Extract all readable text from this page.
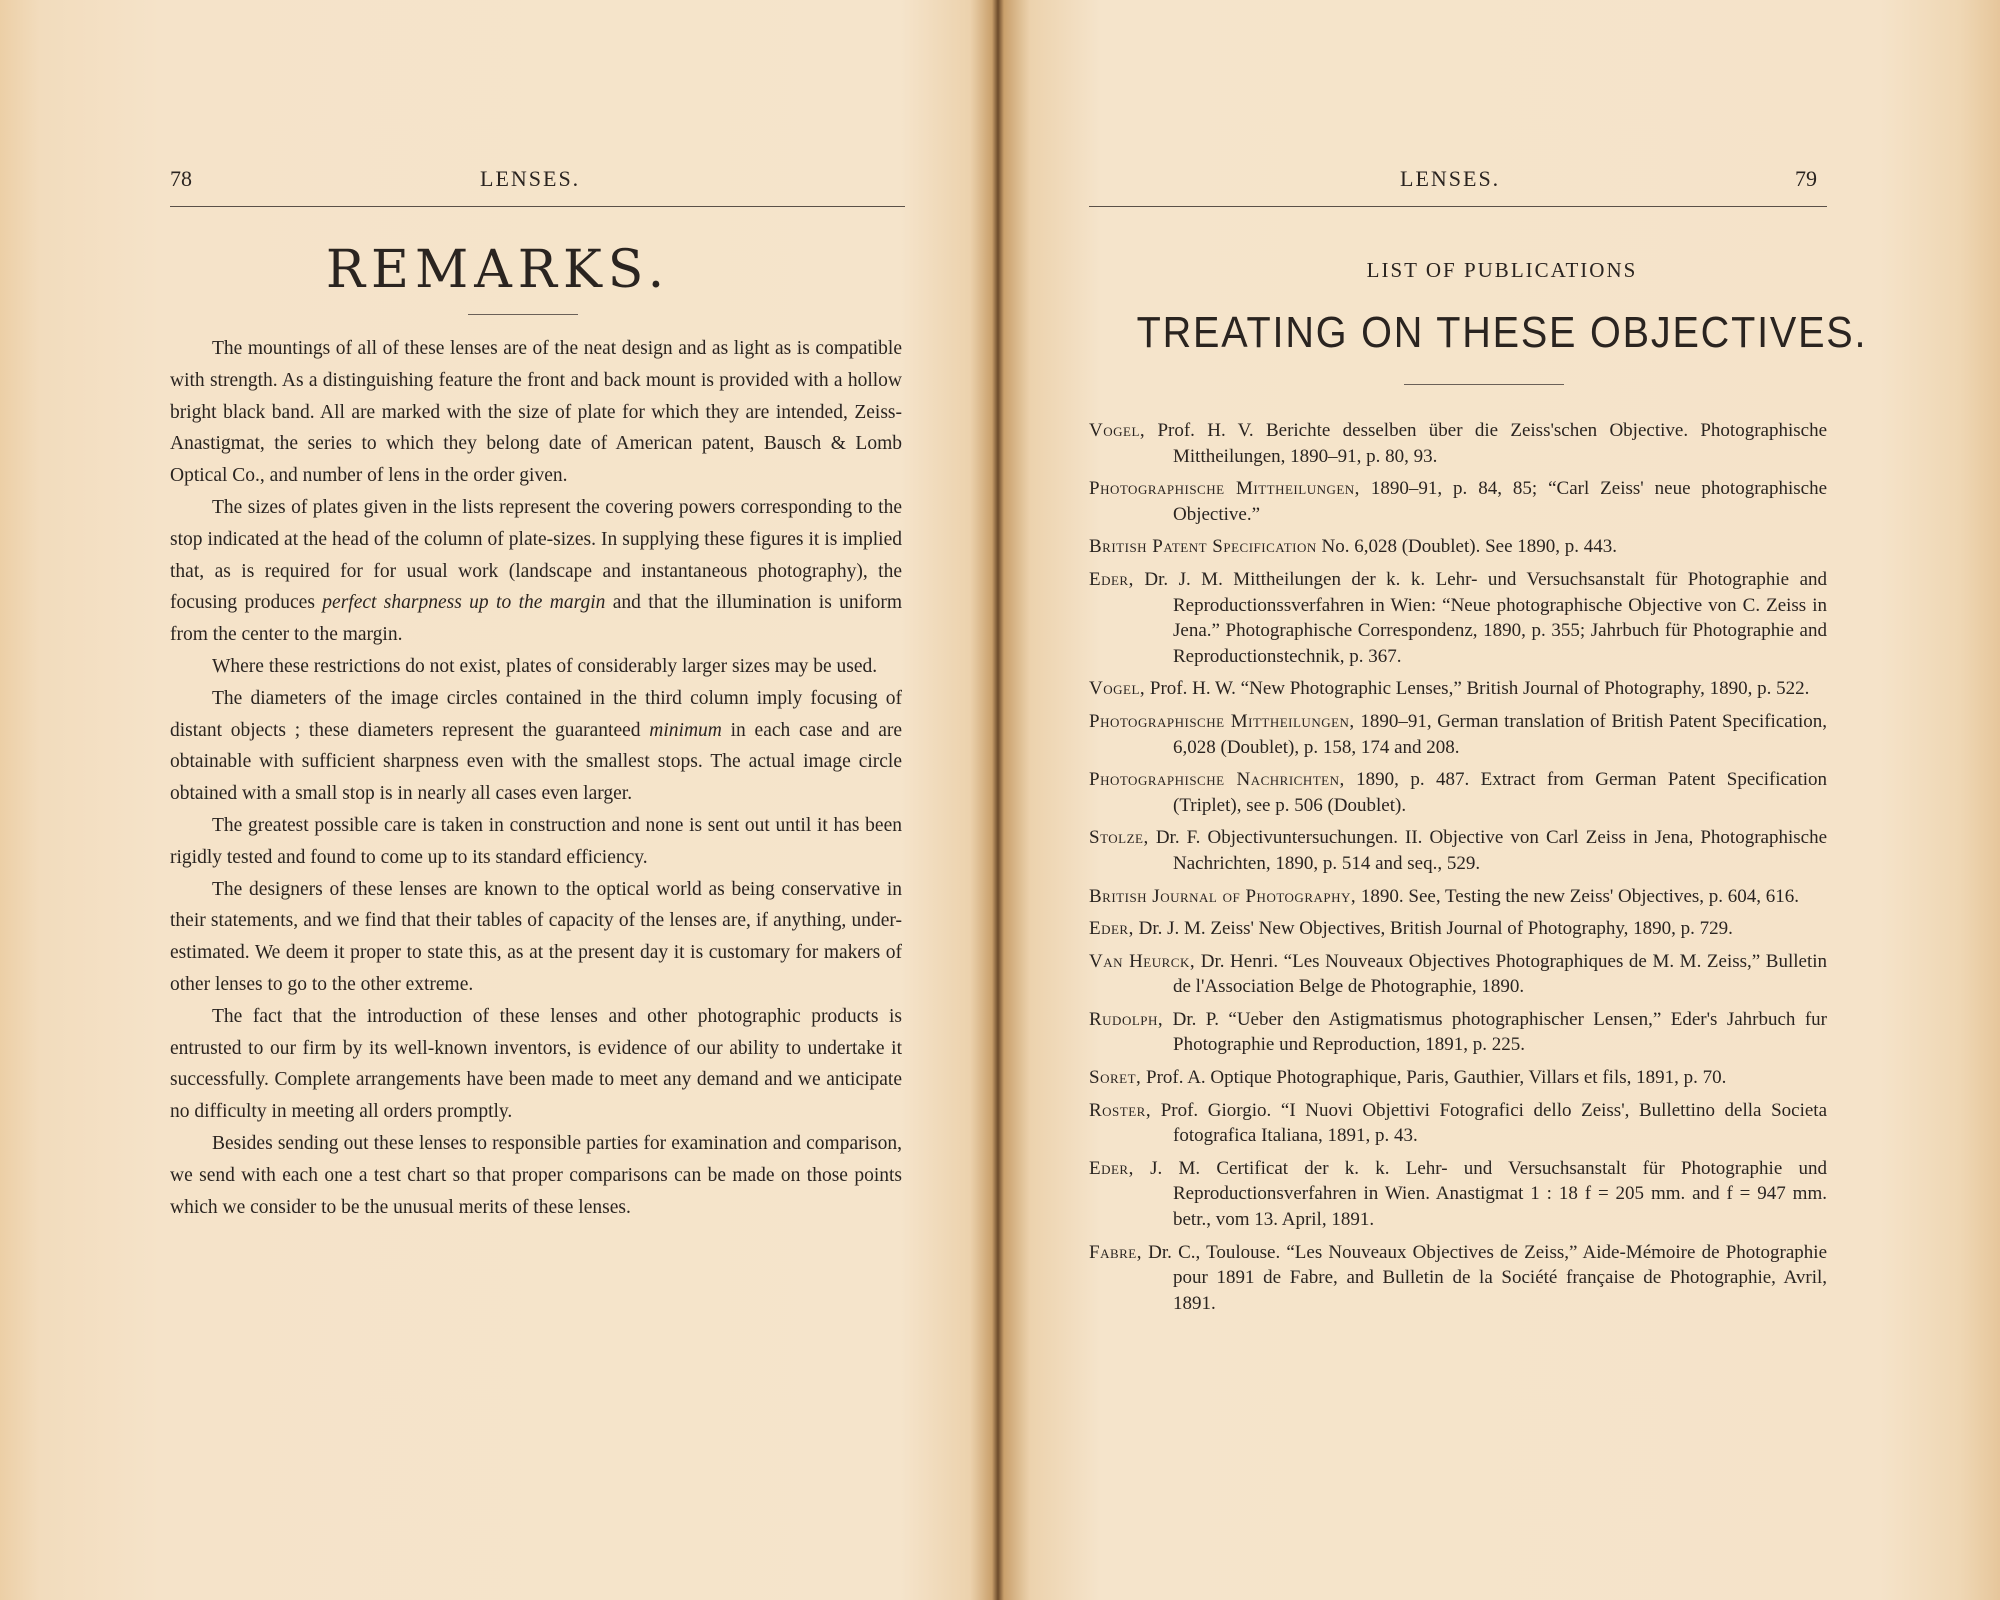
78	LENSES.
REMARKS.

The mountings of all of these lenses are of the neat design and as light as is compatible with strength. As a distinguishing feature the front and back mount is provided with a hollow bright black band. All are marked with the size of plate for which they are intended, Zeiss-Anastigmat, the series to which they belong date of American patent, Bausch & Lomb Optical Co., and number of lens in the order given.

The sizes of plates given in the lists represent the covering powers corresponding to the stop indicated at the head of the column of plate-sizes. In supplying these figures it is implied that, as is required for for usual work (landscape and instantaneous photography), the focusing produces perfect sharpness up to the margin and that the illumination is uniform from the center to the margin.

Where these restrictions do not exist, plates of considerably larger sizes may be used.

The diameters of the image circles contained in the third column imply focusing of distant objects ; these diameters represent the guaranteed minimum in each case and are obtainable with sufficient sharpness even with the smallest stops. The actual image circle obtained with a small stop is in nearly all cases even larger.

The greatest possible care is taken in construction and none is sent out until it has been rigidly tested and found to come up to its standard efficiency.

The designers of these lenses are known to the optical world as being conservative in their statements, and we find that their tables of capacity of the lenses are, if anything, under-estimated. We deem it proper to state this, as at the present day it is customary for makers of other lenses to go to the other extreme.

The fact that the introduction of these lenses and other photographic products is entrusted to our firm by its well-known inventors, is evidence of our ability to undertake it successfully. Complete arrangements have been made to meet any demand and we anticipate no difficulty in meeting all orders promptly.

Besides sending out these lenses to responsible parties for examination and comparison, we send with each one a test chart so that proper comparisons can be made on those points which we consider to be the unusual merits of these lenses.

LENSES.	79
LIST OF PUBLICATIONS
TREATING ON THESE OBJECTIVES.
Vogel, Prof. H. V. Berichte desselben über die Zeiss'schen Objective. Photographische Mittheilungen, 1890–91, p. 80, 93.
Photographische Mittheilungen, 1890–91, p. 84, 85; “Carl Zeiss' neue photographische Objective.”
British Patent Specification No. 6,028 (Doublet). See 1890, p. 443.
Eder, Dr. J. M. Mittheilungen der k. k. Lehr- und Versuchsanstalt für Photographie and Reproductionssverfahren in Wien: “Neue photographische Objective von C. Zeiss in Jena.” Photographische Correspondenz, 1890, p. 355; Jahrbuch für Photographie and Reproductionstechnik, p. 367.
Vogel, Prof. H. W. “New Photographic Lenses,” British Journal of Photography, 1890, p. 522.
Photographische Mittheilungen, 1890–91, German translation of British Patent Specification, 6,028 (Doublet), p. 158, 174 and 208.
Photographische Nachrichten, 1890, p. 487. Extract from German Patent Specification (Triplet), see p. 506 (Doublet).
Stolze, Dr. F. Objectivuntersuchungen. II. Objective von Carl Zeiss in Jena, Photographische Nachrichten, 1890, p. 514 and seq., 529.
British Journal of Photography, 1890. See, Testing the new Zeiss' Objectives, p. 604, 616.
Eder, Dr. J. M. Zeiss' New Objectives, British Journal of Photography, 1890, p. 729.
Van Heurck, Dr. Henri. “Les Nouveaux Objectives Photographiques de M. M. Zeiss,” Bulletin de l'Association Belge de Photographie, 1890.
Rudolph, Dr. P. “Ueber den Astigmatismus photographischer Lensen,” Eder's Jahrbuch fur Photographie und Reproduction, 1891, p. 225.
Soret, Prof. A. Optique Photographique, Paris, Gauthier, Villars et fils, 1891, p. 70.
Roster, Prof. Giorgio. “I Nuovi Objettivi Fotografici dello Zeiss', Bullettino della Societa fotografica Italiana, 1891, p. 43.
Eder, J. M. Certificat der k. k. Lehr- und Versuchsanstalt für Photographie und Reproductionsverfahren in Wien. Anastigmat 1 : 18 f = 205 mm. and f = 947 mm. betr., vom 13. April, 1891.
Fabre, Dr. C., Toulouse. “Les Nouveaux Objectives de Zeiss,” Aide-Mémoire de Photographie pour 1891 de Fabre, and Bulletin de la Société française de Photographie, Avril, 1891.
